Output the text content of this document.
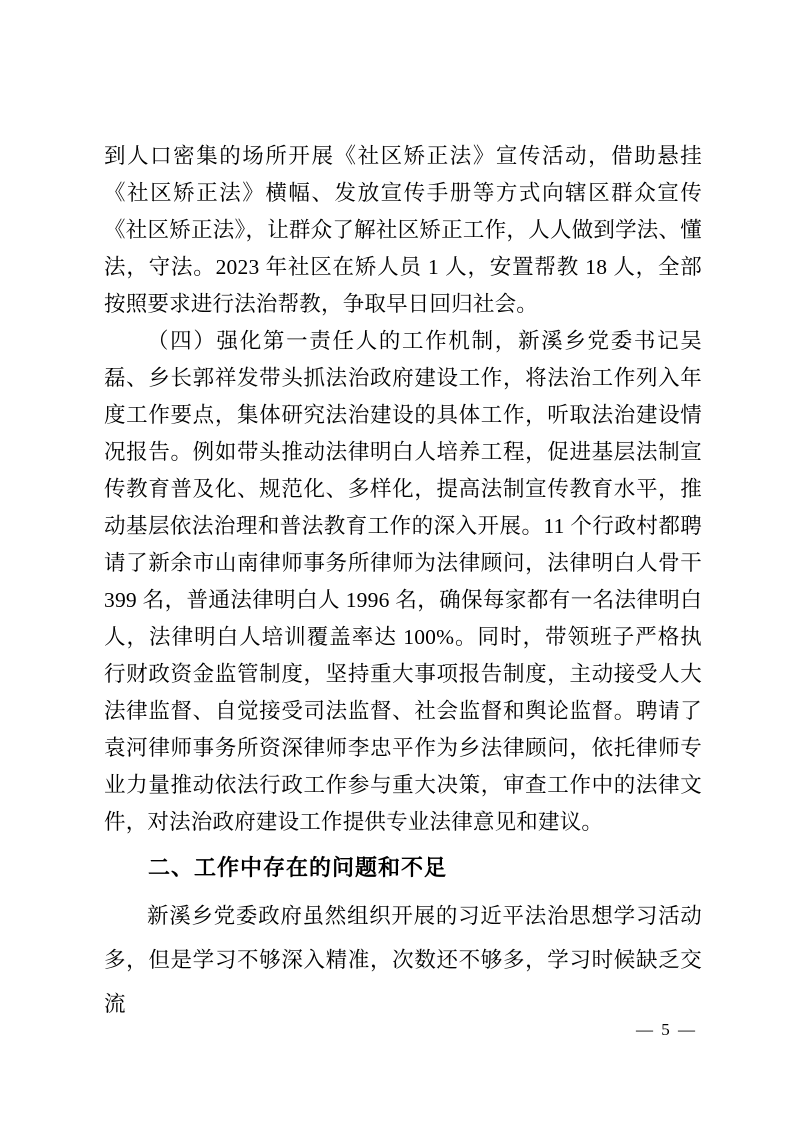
到人口密集的场所开展《社区矫正法》宣传活动，借助悬挂《社区矫正法》横幅、发放宣传手册等方式向辖区群众宣传《社区矫正法》，让群众了解社区矫正工作，人人做到学法、懂法，守法。2023 年社区在矫人员 1 人，安置帮教 18 人，全部按照要求进行法治帮教，争取早日回归社会。

（四）强化第一责任人的工作机制，新溪乡党委书记吴磊、乡长郭祥发带头抓法治政府建设工作，将法治工作列入年度工作要点，集体研究法治建设的具体工作，听取法治建设情况报告。例如带头推动法律明白人培养工程，促进基层法制宣传教育普及化、规范化、多样化，提高法制宣传教育水平，推动基层依法治理和普法教育工作的深入开展。11 个行政村都聘请了新余市山南律师事务所律师为法律顾问，法律明白人骨干 399 名，普通法律明白人 1996 名，确保每家都有一名法律明白人，法律明白人培训覆盖率达 100%。同时，带领班子严格执行财政资金监管制度，坚持重大事项报告制度，主动接受人大法律监督、自觉接受司法监督、社会监督和舆论监督。聘请了袁河律师事务所资深律师李忠平作为乡法律顾问，依托律师专业力量推动依法行政工作参与重大决策，审查工作中的法律文件，对法治政府建设工作提供专业法律意见和建议。

二、工作中存在的问题和不足

新溪乡党委政府虽然组织开展的习近平法治思想学习活动多，但是学习不够深入精准，次数还不够多，学习时候缺乏交流

— 5 —
